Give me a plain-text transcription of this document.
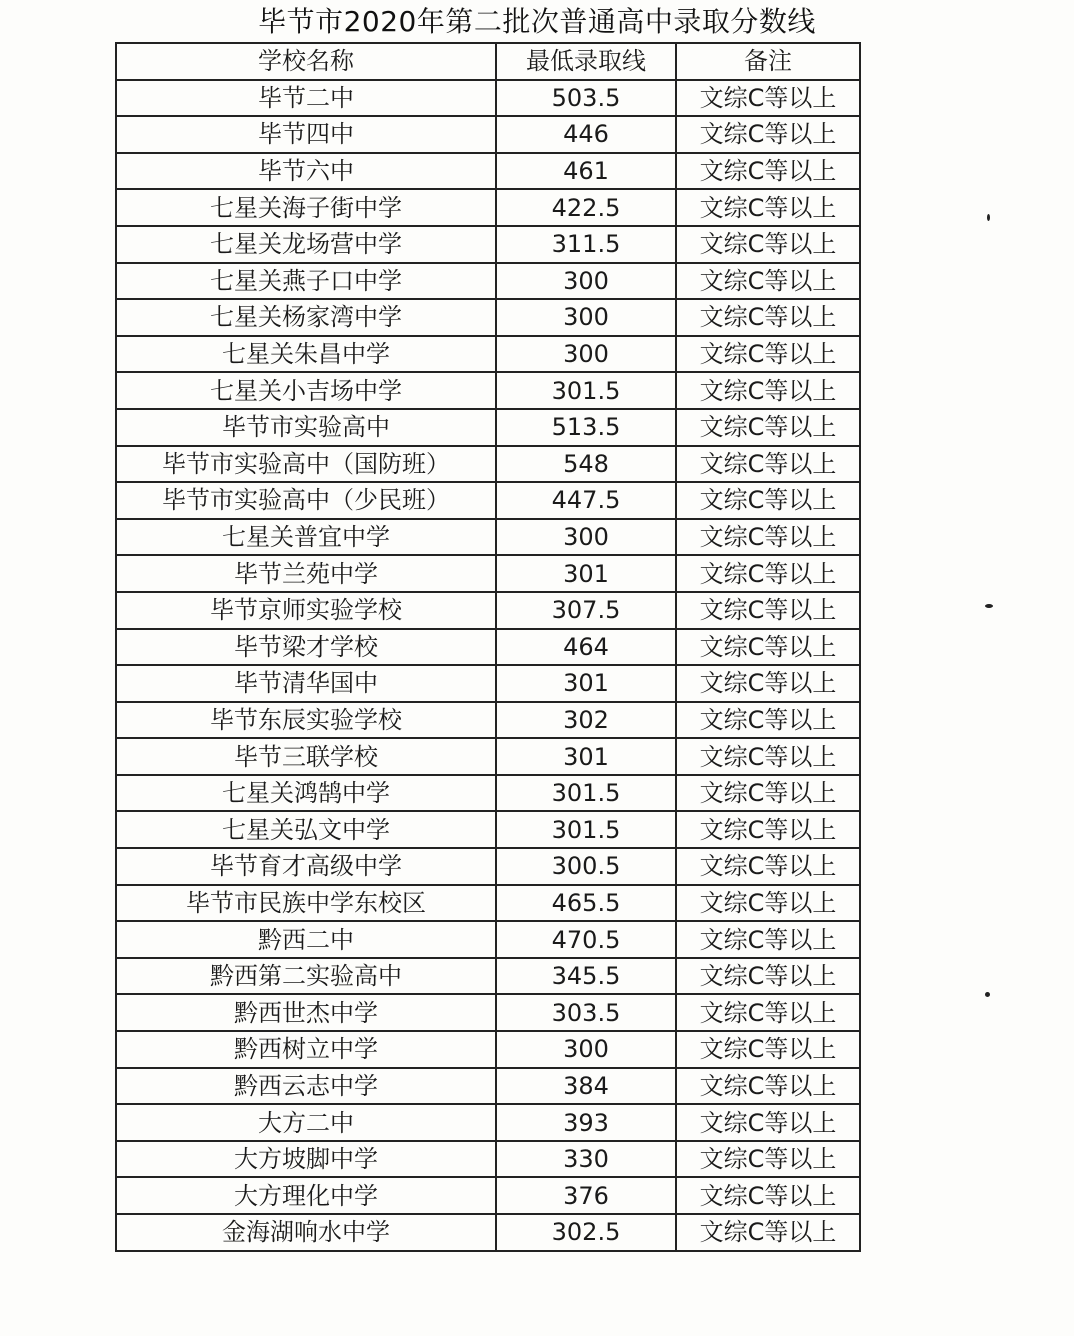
毕节市2020年第二批次普通高中录取分数线
学校名称	最低录取线	备注
毕节二中	503.5	文综C等以上
毕节四中	446	文综C等以上
毕节六中	461	文综C等以上
七星关海子街中学	422.5	文综C等以上
七星关龙场营中学	311.5	文综C等以上
七星关燕子口中学	300	文综C等以上
七星关杨家湾中学	300	文综C等以上
七星关朱昌中学	300	文综C等以上
七星关小吉场中学	301.5	文综C等以上
毕节市实验高中	513.5	文综C等以上
毕节市实验高中（国防班）	548	文综C等以上
毕节市实验高中（少民班）	447.5	文综C等以上
七星关普宜中学	300	文综C等以上
毕节兰苑中学	301	文综C等以上
毕节京师实验学校	307.5	文综C等以上
毕节梁才学校	464	文综C等以上
毕节清华国中	301	文综C等以上
毕节东辰实验学校	302	文综C等以上
毕节三联学校	301	文综C等以上
七星关鸿鹄中学	301.5	文综C等以上
七星关弘文中学	301.5	文综C等以上
毕节育才高级中学	300.5	文综C等以上
毕节市民族中学东校区	465.5	文综C等以上
黔西二中	470.5	文综C等以上
黔西第二实验高中	345.5	文综C等以上
黔西世杰中学	303.5	文综C等以上
黔西树立中学	300	文综C等以上
黔西云志中学	384	文综C等以上
大方二中	393	文综C等以上
大方坡脚中学	330	文综C等以上
大方理化中学	376	文综C等以上
金海湖响水中学	302.5	文综C等以上
